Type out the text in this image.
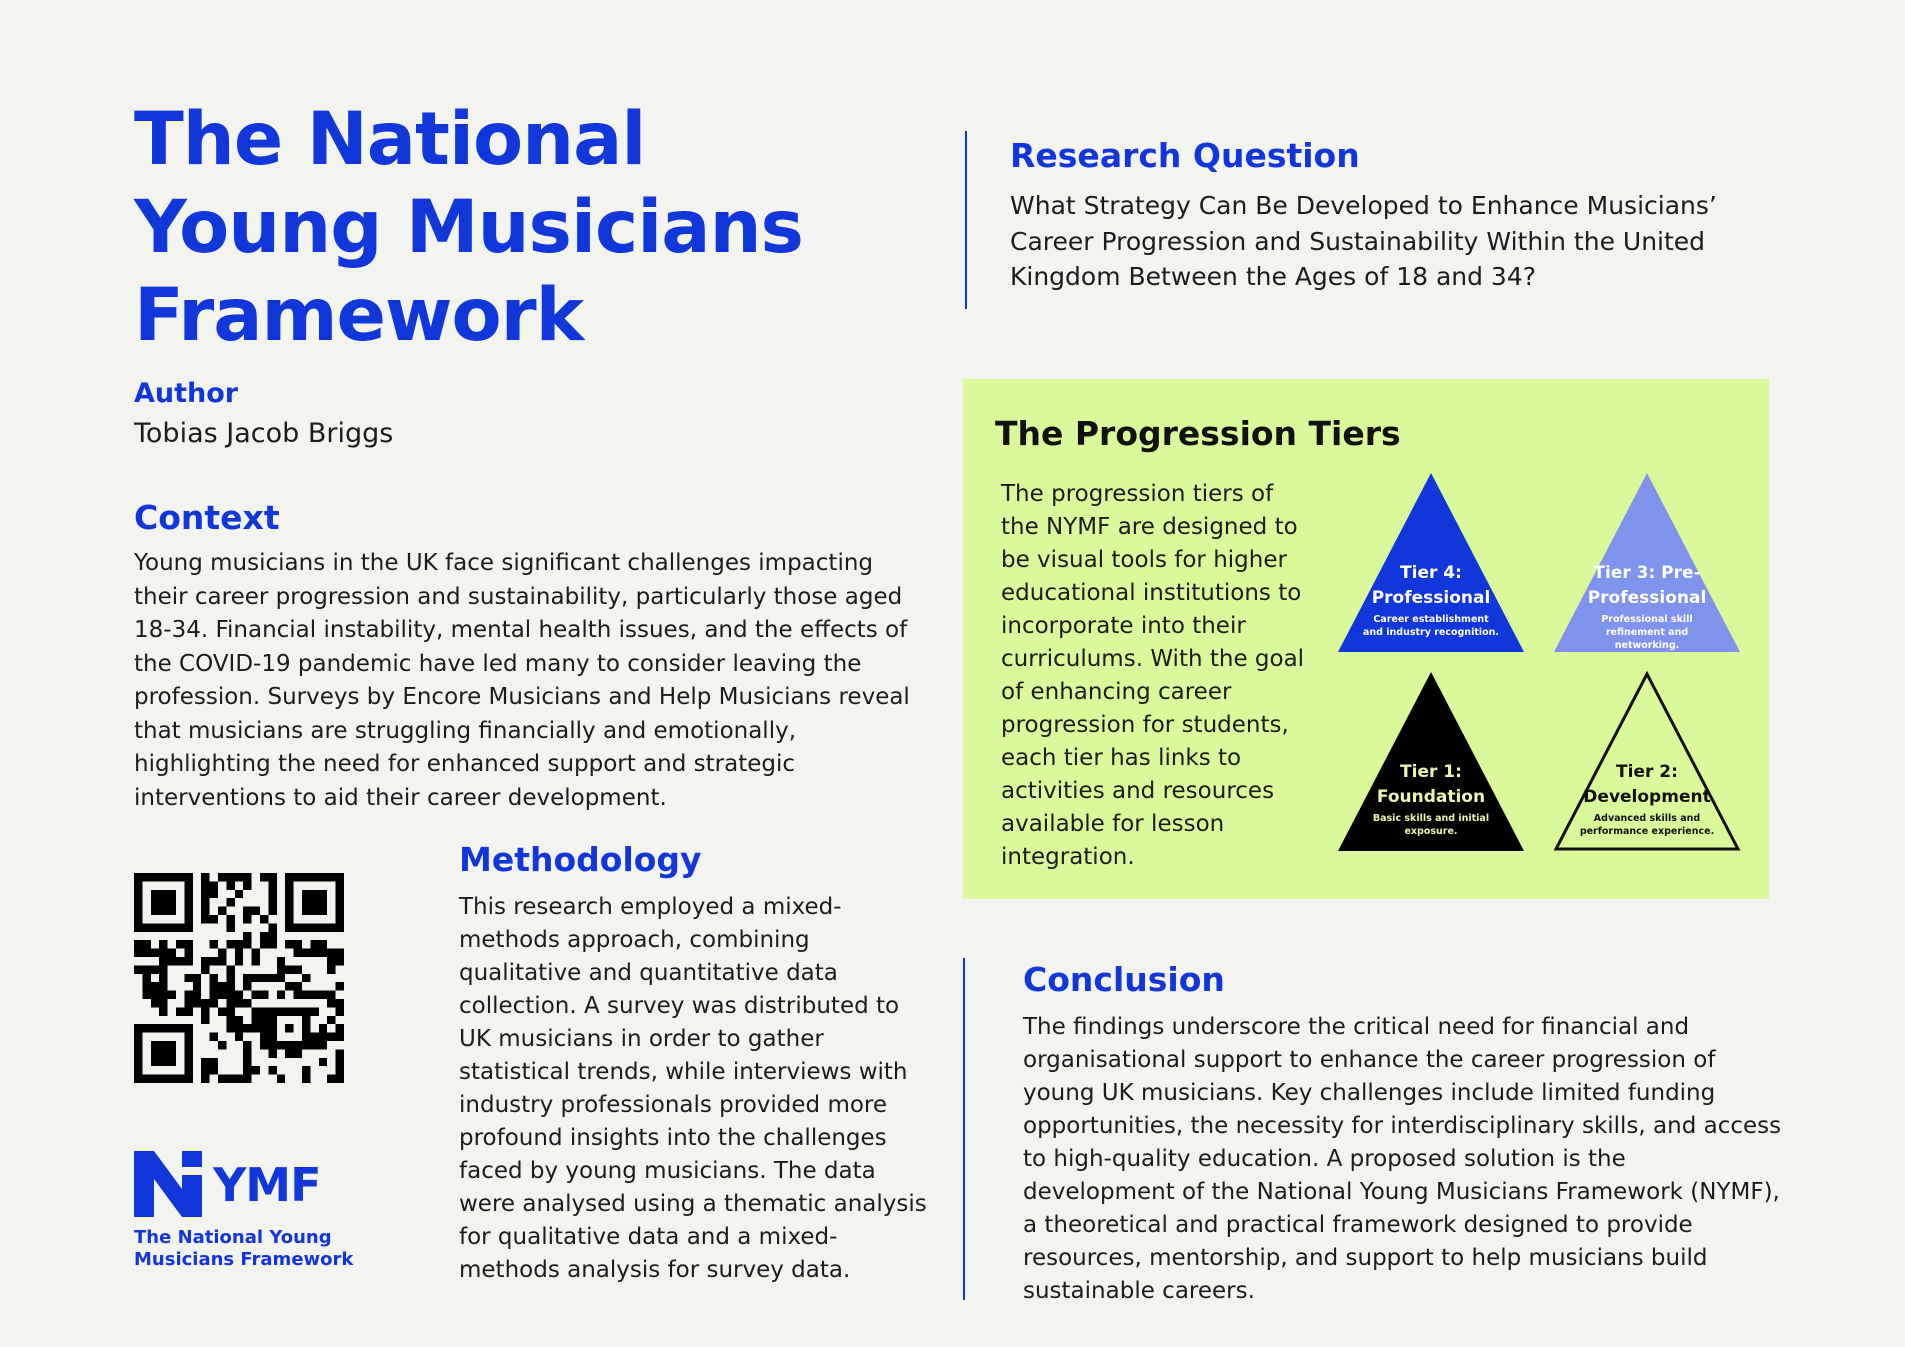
The National Young Musicians Framework

Author

Tobias Jacob Briggs

Context

Young musicians in the UK face significant challenges impacting their career progression and sustainability, particularly those aged 18-34. Financial instability, mental health issues, and the effects of the COVID-19 pandemic have led many to consider leaving the profession. Surveys by Encore Musicians and Help Musicians reveal that musicians are struggling financially and emotionally, highlighting the need for enhanced support and strategic interventions to aid their career development.

Methodology

This research employed a mixed-methods approach, combining qualitative and quantitative data collection. A survey was distributed to UK musicians in order to gather statistical trends, while interviews with industry professionals provided more profound insights into the challenges faced by young musicians. The data were analysed using a thematic analysis for qualitative data and a mixed-methods analysis for survey data.

YMF
The National Young Musicians Framework

Research Question

What Strategy Can Be Developed to Enhance Musicians’ Career Progression and Sustainability Within the United Kingdom Between the Ages of 18 and 34?

The Progression Tiers

The progression tiers of the NYMF are designed to be visual tools for higher educational institutions to incorporate into their curriculums. With the goal of enhancing career progression for students, each tier has links to activities and resources available for lesson integration.

Tier 4:
Professional
Career establishment and industry recognition.
Tier 3: Pre-
Professional
Professional skill refinement and networking.
Tier 1:
Foundation
Basic skills and initial exposure.
Tier 2:
Development
Advanced skills and performance experience.

Conclusion

The findings underscore the critical need for financial and organisational support to enhance the career progression of young UK musicians. Key challenges include limited funding opportunities, the necessity for interdisciplinary skills, and access to high-quality education. A proposed solution is the development of the National Young Musicians Framework (NYMF), a theoretical and practical framework designed to provide resources, mentorship, and support to help musicians build sustainable careers.
